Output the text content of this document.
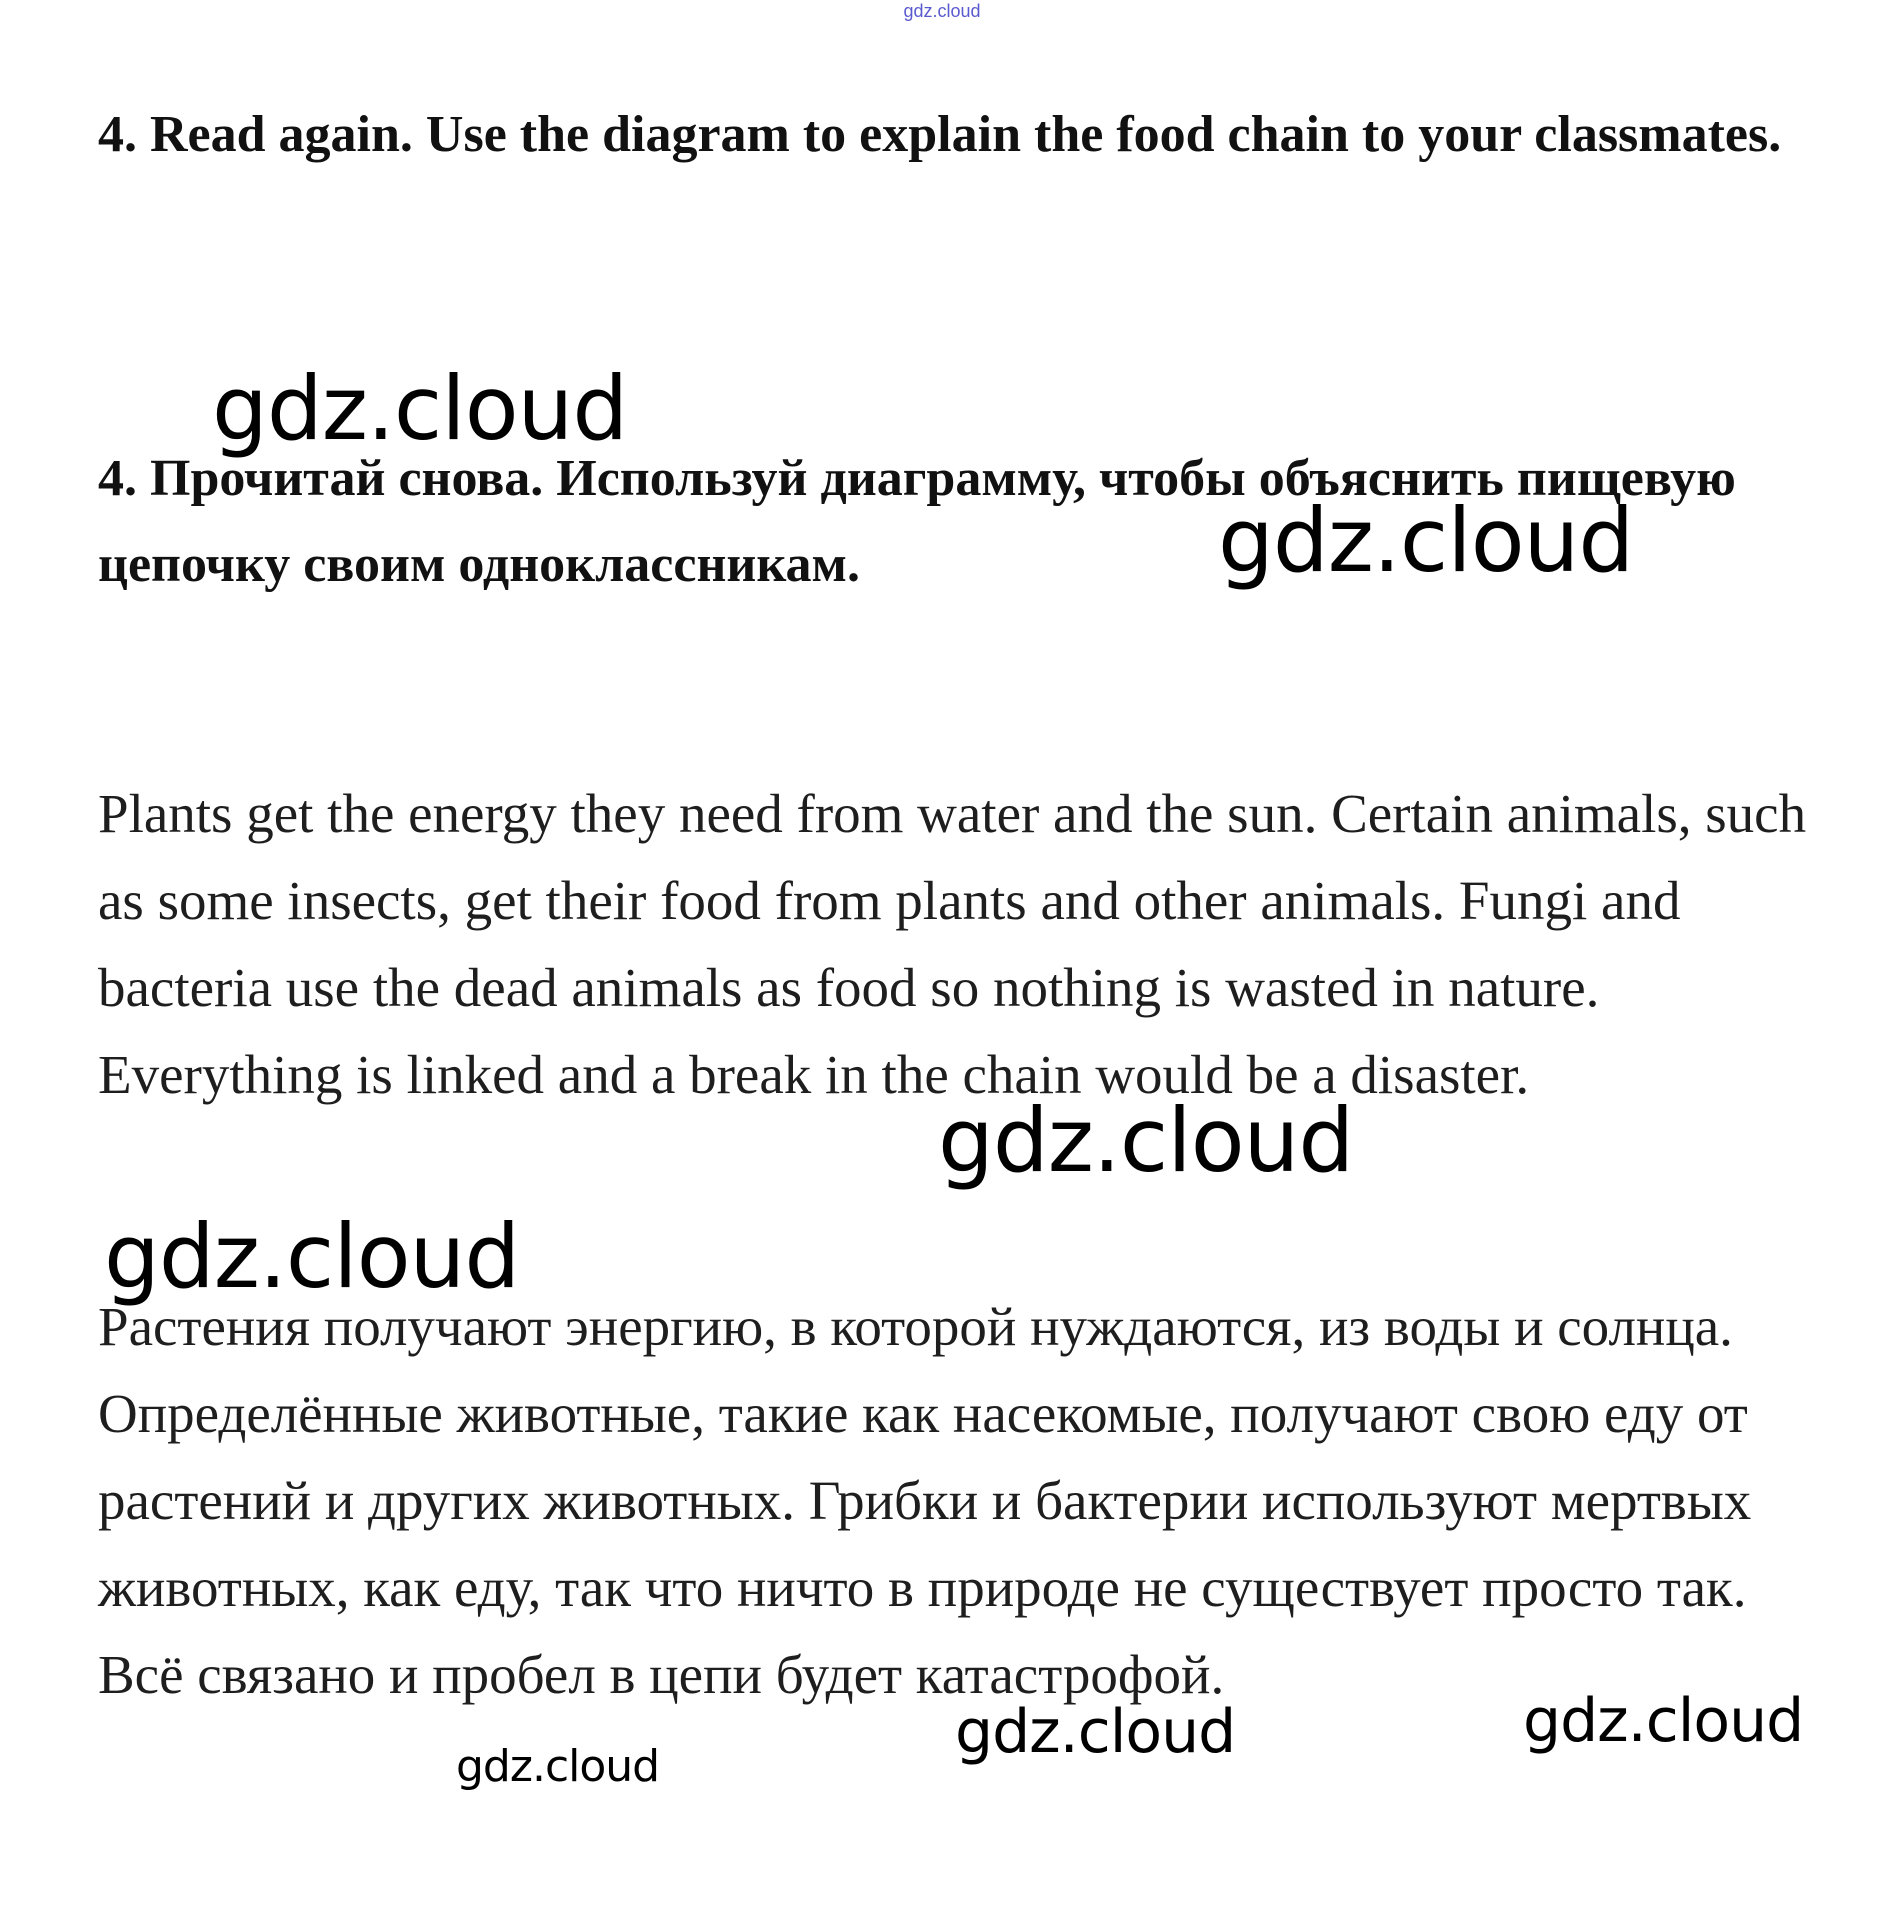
gdz.cloud
4. Read again. Use the diagram to explain the food chain to your classmates.
4. Прочитай снова. Используй диаграмму, чтобы объяснить пищевую цепочку своим одноклассникам.

Plants get the energy they need from water and the sun. Certain animals, such as some insects, get their food from plants and other animals. Fungi and bacteria use the dead animals as food so nothing is wasted in nature. Everything is linked and a break in the chain would be a disaster.

Растения получают энергию, в которой нуждаются, из воды и солнца. Определённые животные, такие как насекомые, получают свою еду от растений и других животных. Грибки и бактерии используют мертвых животных, как еду, так что ничто в природе не существует просто так. Всё связано и пробел в цепи будет катастрофой.

gdz.cloud
gdz.cloud
gdz.cloud
gdz.cloud
gdz.cloud	gdz.cloud
gdz.cloud
